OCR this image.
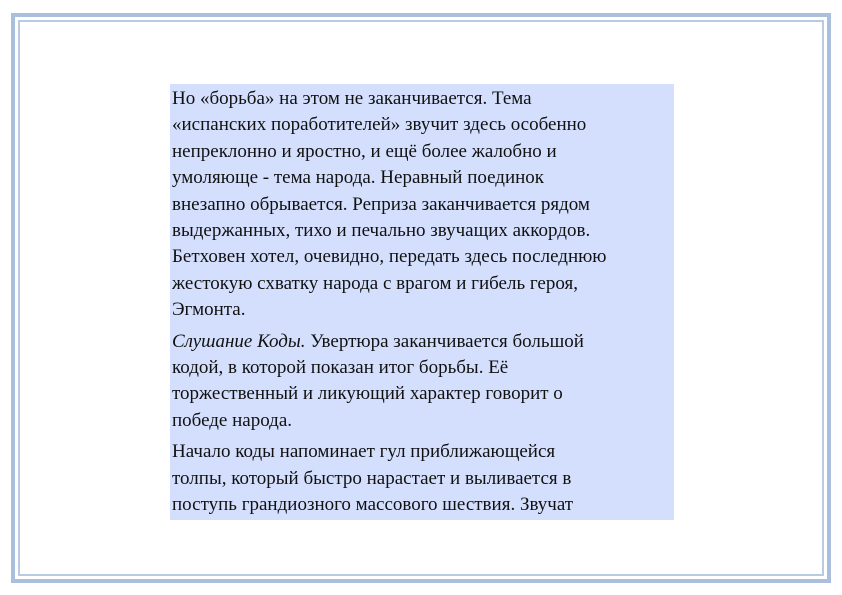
Но «борьба» на этом не заканчивается. Тема
«испанских поработителей» звучит здесь особенно
непреклонно и яростно, и ещё более жалобно и
умоляюще - тема народа. Неравный поединок
внезапно обрывается. Реприза заканчивается рядом
выдержанных, тихо и печально звучащих аккордов.
Бетховен хотел, очевидно, передать здесь последнюю
жестокую схватку народа с врагом и гибель героя,
Эгмонта.

Слушание Коды. Увертюра заканчивается большой
кодой, в которой показан итог борьбы. Её
торжественный и ликующий характер говорит о
победе народа.

Начало коды напоминает гул приближающейся
толпы, который быстро нарастает и выливается в
поступь грандиозного массового шествия. Звучат
